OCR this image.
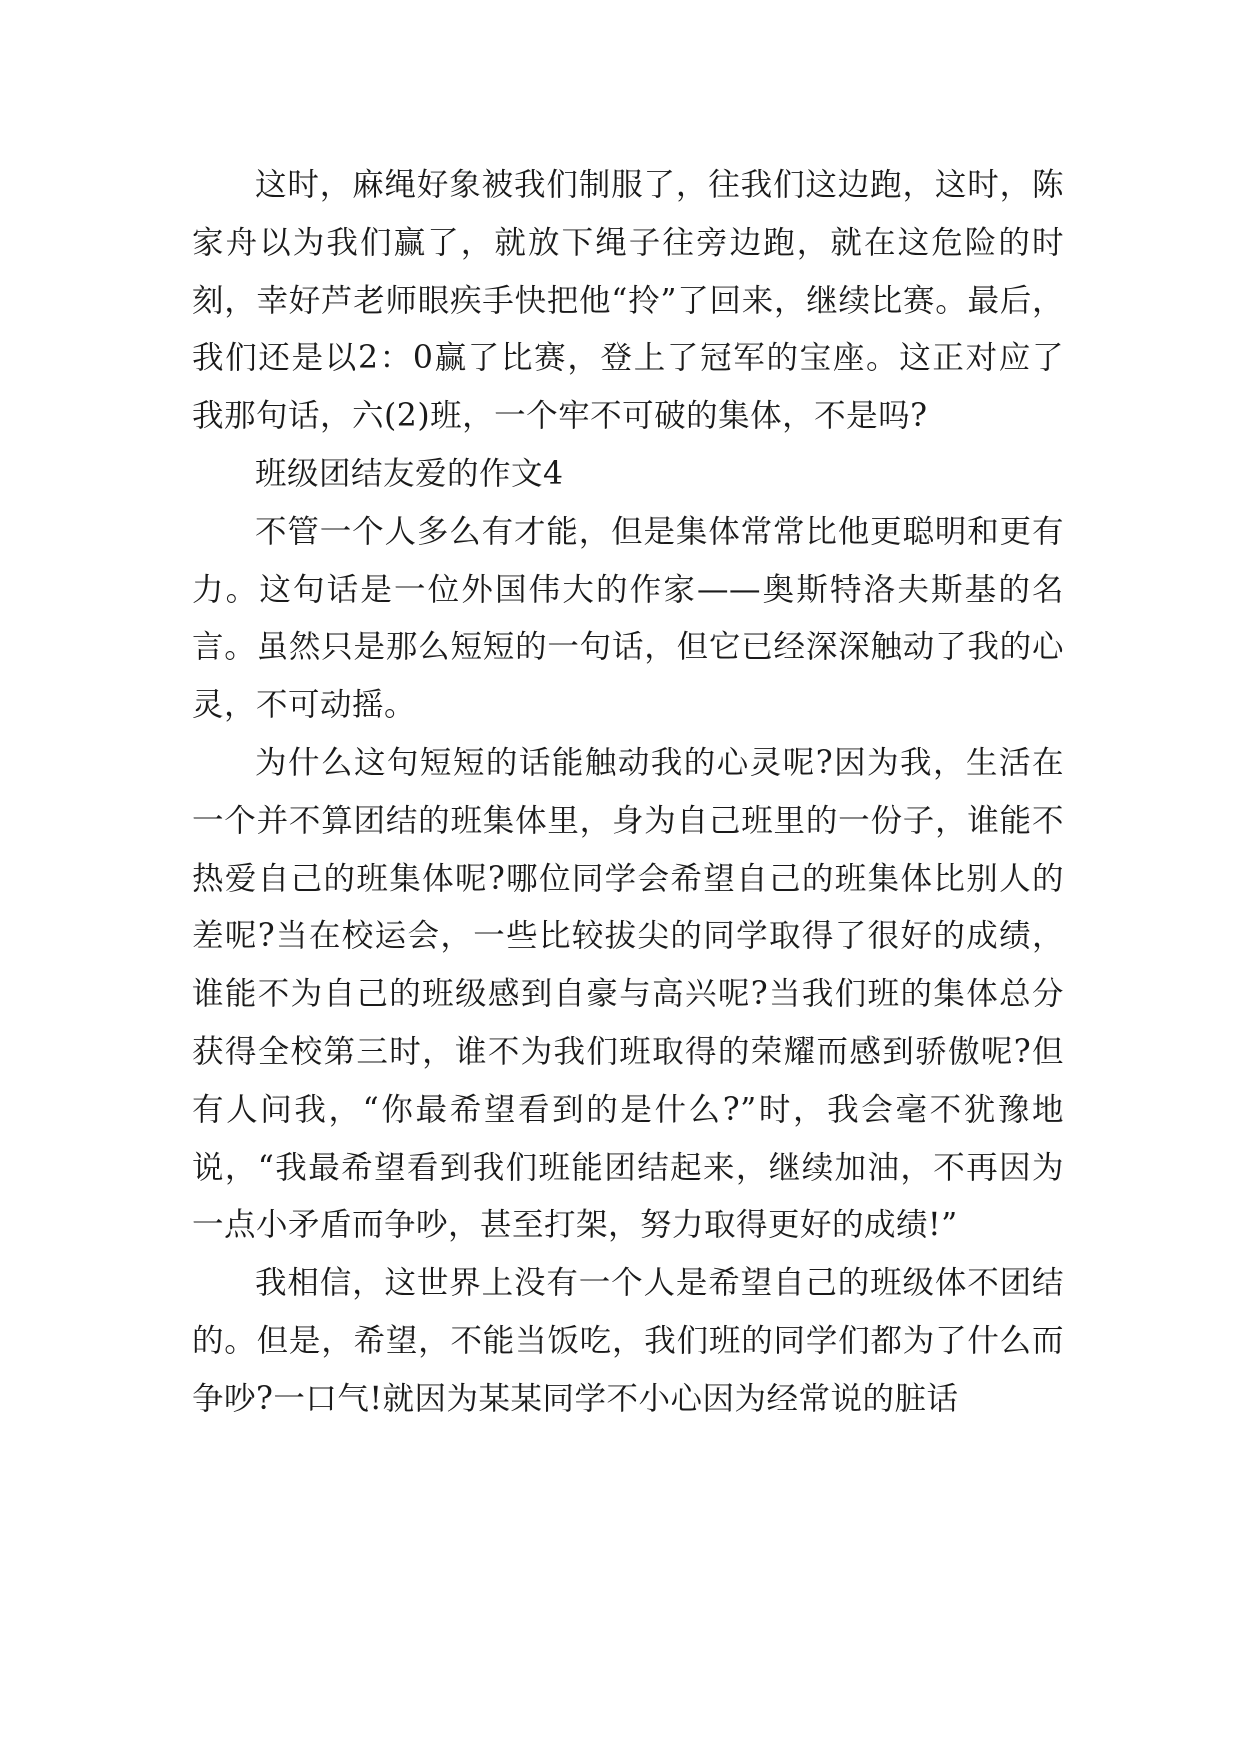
这时，麻绳好象被我们制服了，往我们这边跑，这时，陈家舟以为我们赢了，就放下绳子往旁边跑，就在这危险的时刻，幸好芦老师眼疾手快把他“拎”了回来，继续比赛。最后，我们还是以2：0赢了比赛，登上了冠军的宝座。这正对应了我那句话，六(2)班，一个牢不可破的集体，不是吗?

班级团结友爱的作文4

不管一个人多么有才能，但是集体常常比他更聪明和更有力。这句话是一位外国伟大的作家——奥斯特洛夫斯基的名言。虽然只是那么短短的一句话，但它已经深深触动了我的心灵，不可动摇。

为什么这句短短的话能触动我的心灵呢?因为我，生活在一个并不算团结的班集体里，身为自己班里的一份子，谁能不热爱自己的班集体呢?哪位同学会希望自己的班集体比别人的差呢?当在校运会，一些比较拔尖的同学取得了很好的成绩，谁能不为自己的班级感到自豪与高兴呢?当我们班的集体总分获得全校第三时，谁不为我们班取得的荣耀而感到骄傲呢?但有人问我，“你最希望看到的是什么?”时，我会毫不犹豫地说，“我最希望看到我们班能团结起来，继续加油，不再因为一点小矛盾而争吵，甚至打架，努力取得更好的成绩!”

我相信，这世界上没有一个人是希望自己的班级体不团结的。但是，希望，不能当饭吃，我们班的同学们都为了什么而争吵?一口气!就因为某某同学不小心因为经常说的脏话
